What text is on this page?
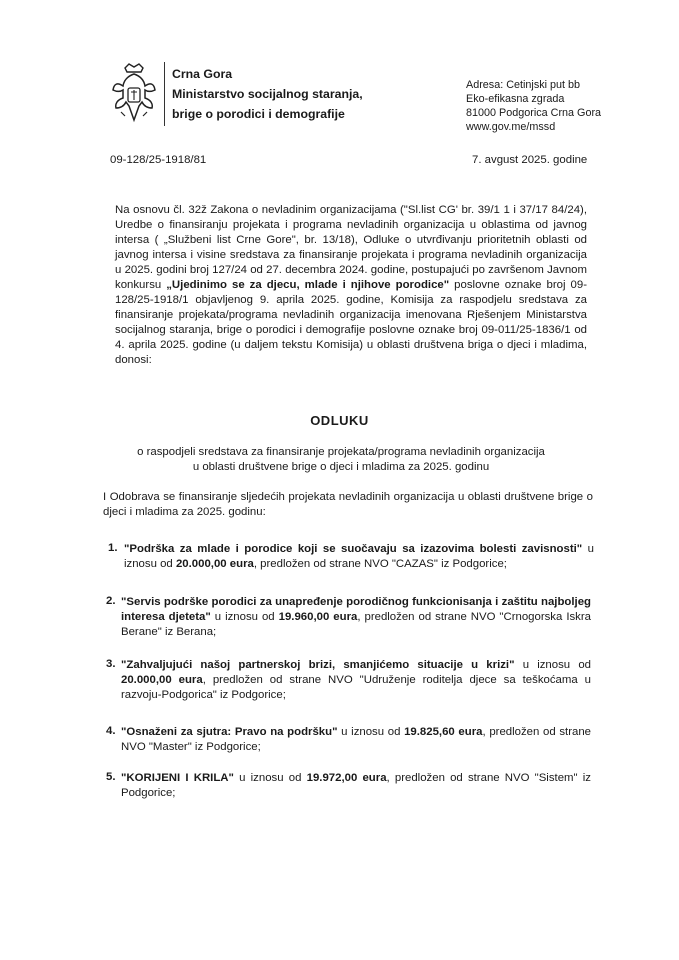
Crna Gora
Ministarstvo socijalnog staranja,
brige o porodici i demografije
Adresa: Cetinjski put bb
Eko-efikasna zgrada
81000 Podgorica Crna Gora
www.gov.me/mssd
09-128/25-1918/81	7. avgust 2025. godine
Na osnovu čl. 32ž Zakona o nevladinim organizacijama ("Sl.list CG' br. 39/1 1 i 37/17 84/24), Uredbe o finansiranju projekata i programa nevladinih organizacija u oblastima od javnog intersa ( „Službeni list Crne Gore", br. 13/18), Odluke o utvrđivanju prioritetnih oblasti od javnog intersa i visine sredstava za finansiranje projekata i programa nevladinih organizacija u 2025. godini broj 127/24 od 27. decembra 2024. godine, postupajući po završenom Javnom konkursu „Ujedinimo se za djecu, mlade i njihove porodice" poslovne oznake broj 09-128/25-1918/1 objavljenog 9. aprila 2025. godine, Komisija za raspodjelu sredstava za finansiranje projekata/programa nevladinih organizacija imenovana Rješenjem Ministarstva socijalnog staranja, brige o porodici i demografije poslovne oznake broj 09-011/25-1836/1 od 4. aprila 2025. godine (u daljem tekstu Komisija) u oblasti društvena briga o djeci i mladima, donosi:
ODLUKU
o raspodjeli sredstava za finansiranje projekata/programa nevladinih organizacija
u oblasti društvene brige o djeci i mladima za 2025. godinu
I Odobrava se finansiranje sljedećih projekata nevladinih organizacija u oblasti društvene brige o djeci i mladima za 2025. godinu:
1. "Podrška za mlade i porodice koji se suočavaju sa izazovima bolesti zavisnosti" u iznosu od 20.000,00 eura, predložen od strane NVO "CAZAS" iz Podgorice;
2. "Servis podrške porodici za unapređenje porodičnog funkcionisanja i zaštitu najboljeg interesa djeteta" u iznosu od 19.960,00 eura, predložen od strane NVO "Crnogorska Iskra Berane" iz Berana;
3. "Zahvaljujući našoj partnerskoj brizi, smanjićemo situacije u krizi" u iznosu od 20.000,00 eura, predložen od strane NVO "Udruženje roditelja djece sa teškoćama u razvoju-Podgorica" iz Podgorice;
4. "Osnaženi za sjutra: Pravo na podršku" u iznosu od 19.825,60 eura, predložen od strane NVO "Master" iz Podgorice;
5. "KORIJENI I KRILA" u iznosu od 19.972,00 eura, predložen od strane NVO "Sistem" iz Podgorice;
